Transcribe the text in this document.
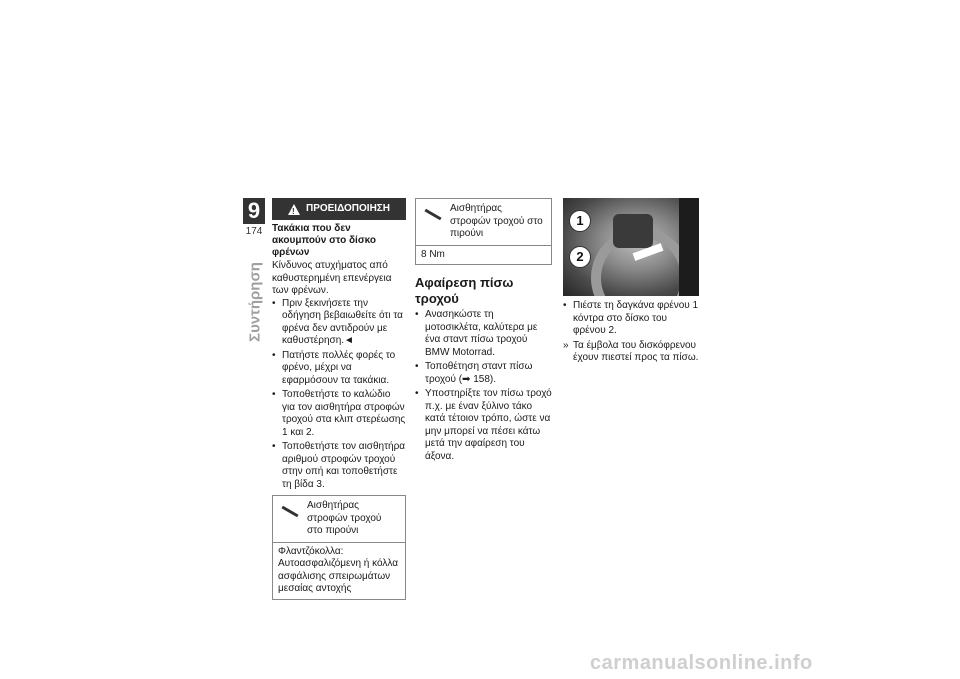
9
174
Συντήρηση
!
ΠΡΟΕΙΔΟΠΟΙΗΣΗ
Τακάκια που δεν ακουμπούν στο δίσκο φρένων

Κίνδυνος ατυχήματος από καθυστερημένη επενέργεια των φρένων.

• Πριν ξεκινήσετε την οδήγηση βεβαιωθείτε ότι τα φρένα δεν αντιδρούν με καθυστέρηση.◄
• Πατήστε πολλές φορές το φρένο, μέχρι να εφαρμόσουν τα τακάκια.
• Τοποθετήστε το καλώδιο για τον αισθητήρα στροφών τροχού στα κλιπ στερέωσης 1 και 2.
• Τοποθετήστε τον αισθητήρα αριθμού στροφών τροχού στην οπή και τοποθετήστε τη βίδα 3.
Αισθητήρας στροφών τροχού στο πιρούνι
Φλαντζόκολλα: Αυτοασφαλιζόμενη ή κόλλα ασφάλισης σπειρωμάτων μεσαίας αντοχής
Αισθητήρας στροφών τροχού στο πιρούνι
8 Nm
Αφαίρεση πίσω τροχού
• Ανασηκώστε τη μοτοσικλέτα, καλύτερα με ένα σταντ πίσω τροχού BMW Motorrad.
• Τοποθέτηση σταντ πίσω τροχού (➡ 158).
• Υποστηρίξτε τον πίσω τροχό π.χ. με έναν ξύλινο τάκο κατά τέτοιον τρόπο, ώστε να μην μπορεί να πέσει κάτω μετά την αφαίρεση του άξονα.
1
2
• Πιέστε τη δαγκάνα φρένου 1 κόντρα στο δίσκο του φρένου 2.
» Τα έμβολα του δισκόφρενου έχουν πιεστεί προς τα πίσω.
carmanualsonline.info
